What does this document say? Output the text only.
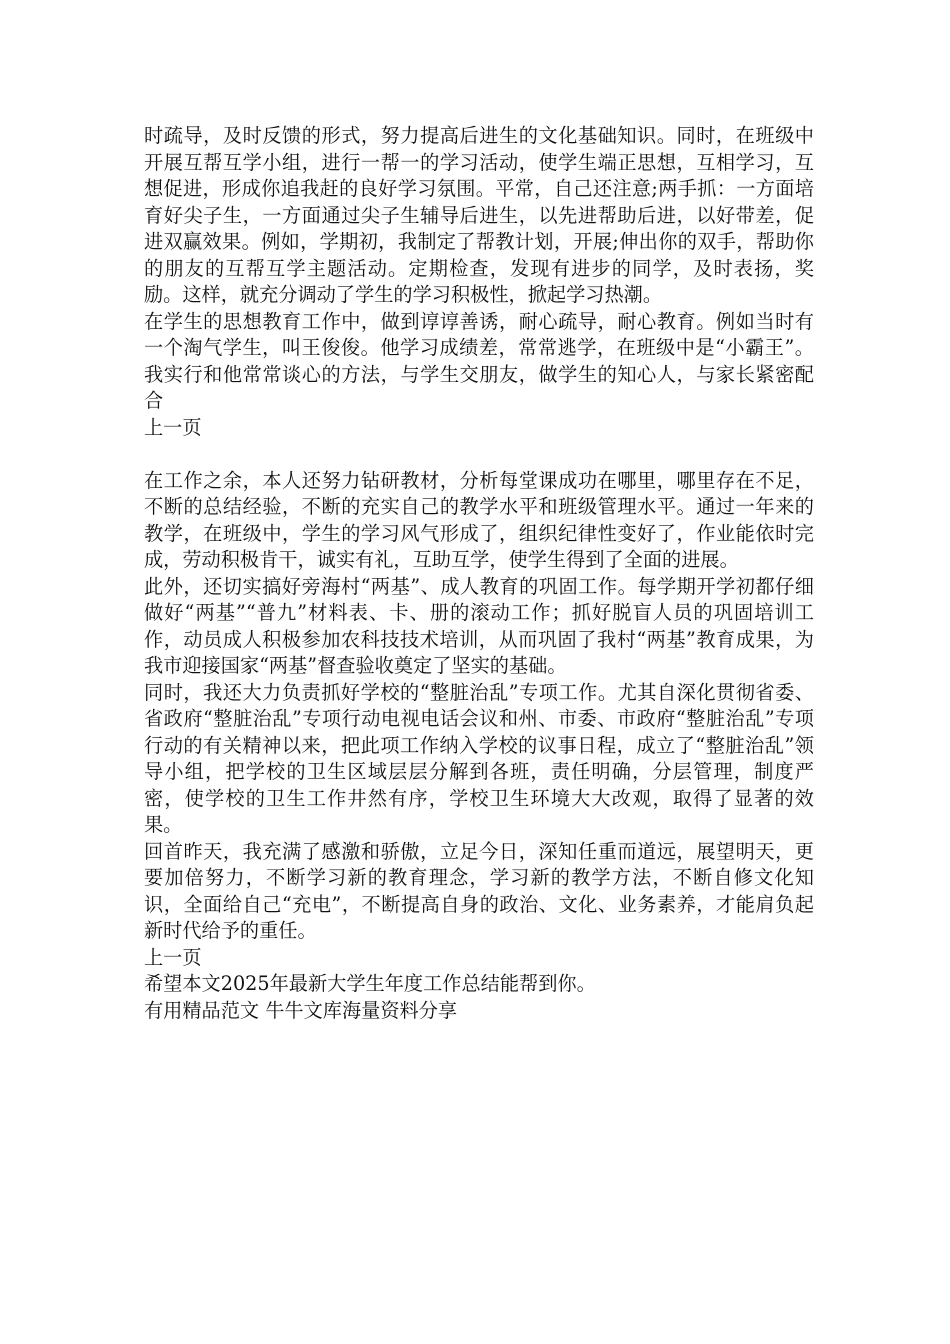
时疏导，及时反馈的形式，努力提高后进生的文化基础知识。同时，在班级中开展互帮互学小组，进行一帮一的学习活动，使学生端正思想，互相学习，互想促进，形成你追我赶的良好学习氛围。平常，自己还注意;两手抓：一方面培育好尖子生，一方面通过尖子生辅导后进生，以先进帮助后进，以好带差，促进双赢效果。例如，学期初，我制定了帮教计划，开展;伸出你的双手，帮助你的朋友的互帮互学主题活动。定期检查，发现有进步的同学，及时表扬，奖励。这样，就充分调动了学生的学习积极性，掀起学习热潮。

在学生的思想教育工作中，做到谆谆善诱，耐心疏导，耐心教育。例如当时有一个淘气学生，叫王俊俊。他学习成绩差，常常逃学，在班级中是“小霸王”。我实行和他常常谈心的方法，与学生交朋友，做学生的知心人，与家长紧密配合

上一页

在工作之余，本人还努力钻研教材，分析每堂课成功在哪里，哪里存在不足，不断的总结经验，不断的充实自己的教学水平和班级管理水平。通过一年来的教学，在班级中，学生的学习风气形成了，组织纪律性变好了，作业能依时完成，劳动积极肯干，诚实有礼，互助互学，使学生得到了全面的进展。

此外，还切实搞好旁海村“两基”、成人教育的巩固工作。每学期开学初都仔细做好“两基”“普九”材料表、卡、册的滚动工作；抓好脱盲人员的巩固培训工作，动员成人积极参加农科技技术培训，从而巩固了我村“两基”教育成果，为我市迎接国家“两基”督查验收奠定了坚实的基础。

同时，我还大力负责抓好学校的“整脏治乱”专项工作。尤其自深化贯彻省委、省政府“整脏治乱”专项行动电视电话会议和州、市委、市政府“整脏治乱”专项行动的有关精神以来，把此项工作纳入学校的议事日程，成立了“整脏治乱”领导小组，把学校的卫生区域层层分解到各班，责任明确，分层管理，制度严密，使学校的卫生工作井然有序，学校卫生环境大大改观，取得了显著的效果。

回首昨天，我充满了感激和骄傲，立足今日，深知任重而道远，展望明天，更要加倍努力，不断学习新的教育理念，学习新的教学方法，不断自修文化知识，全面给自己“充电”，不断提高自身的政治、文化、业务素养，才能肩负起新时代给予的重任。

上一页

希望本文2025年最新大学生年度工作总结能帮到你。

有用精品范文 牛牛文库海量资料分享
